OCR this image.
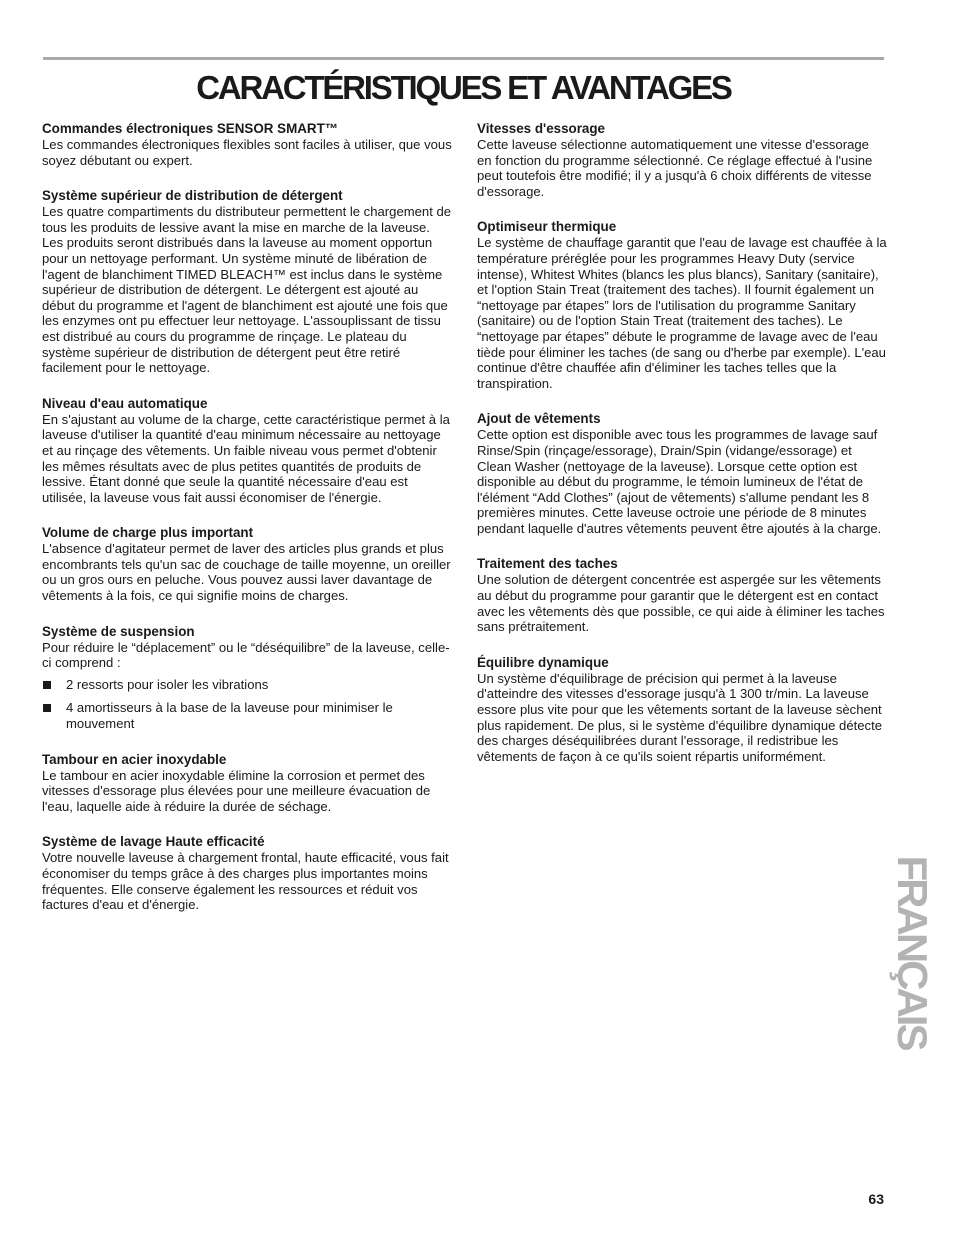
CARACTÉRISTIQUES ET AVANTAGES
Commandes électroniques SENSOR SMART™

Les commandes électroniques flexibles sont faciles à utiliser, que vous soyez débutant ou expert.

Système supérieur de distribution de détergent

Les quatre compartiments du distributeur permettent le chargement de tous les produits de lessive avant la mise en marche de la laveuse. Les produits seront distribués dans la laveuse au moment opportun pour un nettoyage performant. Un système minuté de libération de l'agent de blanchiment TIMED BLEACH™ est inclus dans le système supérieur de distribution de détergent. Le détergent est ajouté au début du programme et l'agent de blanchiment est ajouté une fois que les enzymes ont pu effectuer leur nettoyage. L'assouplissant de tissu est distribué au cours du programme de rinçage. Le plateau du système supérieur de distribution de détergent peut être retiré facilement pour le nettoyage.

Niveau d'eau automatique

En s'ajustant au volume de la charge, cette caractéristique permet à la laveuse d'utiliser la quantité d'eau minimum nécessaire au nettoyage et au rinçage des vêtements. Un faible niveau vous permet d'obtenir les mêmes résultats avec de plus petites quantités de produits de lessive. Étant donné que seule la quantité nécessaire d'eau est utilisée, la laveuse vous fait aussi économiser de l'énergie.

Volume de charge plus important

L'absence d'agitateur permet de laver des articles plus grands et plus encombrants tels qu'un sac de couchage de taille moyenne, un oreiller ou un gros ours en peluche. Vous pouvez aussi laver davantage de vêtements à la fois, ce qui signifie moins de charges.

Système de suspension

Pour réduire le “déplacement” ou le “déséquilibre” de la laveuse, celle-ci comprend :

2 ressorts pour isoler les vibrations
4 amortisseurs à la base de la laveuse pour minimiser le mouvement
Tambour en acier inoxydable

Le tambour en acier inoxydable élimine la corrosion et permet des vitesses d'essorage plus élevées pour une meilleure évacuation de l'eau, laquelle aide à réduire la durée de séchage.

Système de lavage Haute efficacité

Votre nouvelle laveuse à chargement frontal, haute efficacité, vous fait économiser du temps grâce à des charges plus importantes moins fréquentes. Elle conserve également les ressources et réduit vos factures d'eau et d'énergie.

Vitesses d'essorage

Cette laveuse sélectionne automatiquement une vitesse d'essorage en fonction du programme sélectionné. Ce réglage effectué à l'usine peut toutefois être modifié; il y a jusqu'à 6 choix différents de vitesse d'essorage.

Optimiseur thermique

Le système de chauffage garantit que l'eau de lavage est chauffée à la température préréglée pour les programmes Heavy Duty (service intense), Whitest Whites (blancs les plus blancs), Sanitary (sanitaire), et l'option Stain Treat (traitement des taches). Il fournit également un “nettoyage par étapes” lors de l'utilisation du programme Sanitary (sanitaire) ou de l'option Stain Treat (traitement des taches). Le “nettoyage par étapes” débute le programme de lavage avec de l'eau tiède pour éliminer les taches (de sang ou d'herbe par exemple). L'eau continue d'être chauffée afin d'éliminer les taches telles que la transpiration.

Ajout de vêtements

Cette option est disponible avec tous les programmes de lavage sauf Rinse/Spin (rinçage/essorage), Drain/Spin (vidange/essorage) et Clean Washer (nettoyage de la laveuse). Lorsque cette option est disponible au début du programme, le témoin lumineux de l'état de l'élément “Add Clothes” (ajout de vêtements) s'allume pendant les 8 premières minutes. Cette laveuse octroie une période de 8 minutes pendant laquelle d'autres vêtements peuvent être ajoutés à la charge.

Traitement des taches

Une solution de détergent concentrée est aspergée sur les vêtements au début du programme pour garantir que le détergent est en contact avec les vêtements dès que possible, ce qui aide à éliminer les taches sans prétraitement.

Équilibre dynamique

Un système d'équilibrage de précision qui permet à la laveuse d'atteindre des vitesses d'essorage jusqu'à 1 300 tr/min. La laveuse essore plus vite pour que les vêtements sortant de la laveuse sèchent plus rapidement. De plus, si le système d'équilibre dynamique détecte des charges déséquilibrées durant l'essorage, il redistribue les vêtements de façon à ce qu'ils soient répartis uniformément.

FRANÇAIS
63
